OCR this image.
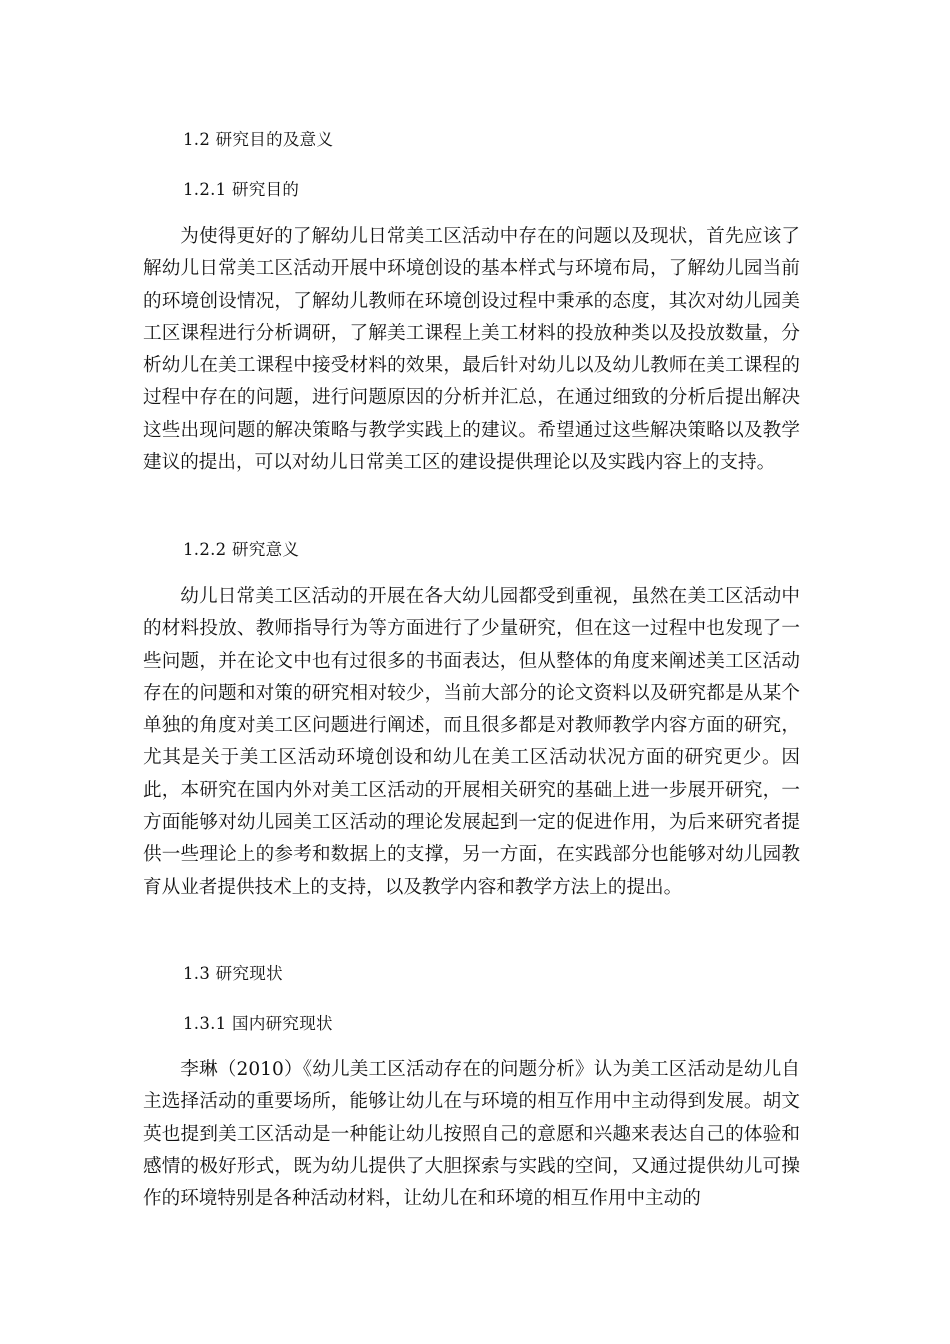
1.2 研究目的及意义
1.2.1 研究目的

为使得更好的了解幼儿日常美工区活动中存在的问题以及现状，首先应该了解幼儿日常美工区活动开展中环境创设的基本样式与环境布局，了解幼儿园当前的环境创设情况，了解幼儿教师在环境创设过程中秉承的态度，其次对幼儿园美工区课程进行分析调研，了解美工课程上美工材料的投放种类以及投放数量，分析幼儿在美工课程中接受材料的效果，最后针对幼儿以及幼儿教师在美工课程的过程中存在的问题，进行问题原因的分析并汇总，在通过细致的分析后提出解决这些出现问题的解决策略与教学实践上的建议。希望通过这些解决策略以及教学建议的提出，可以对幼儿日常美工区的建设提供理论以及实践内容上的支持。

1.2.2 研究意义

幼儿日常美工区活动的开展在各大幼儿园都受到重视，虽然在美工区活动中的材料投放、教师指导行为等方面进行了少量研究，但在这一过程中也发现了一些问题，并在论文中也有过很多的书面表达，但从整体的角度来阐述美工区活动存在的问题和对策的研究相对较少，当前大部分的论文资料以及研究都是从某个单独的角度对美工区问题进行阐述，而且很多都是对教师教学内容方面的研究，尤其是关于美工区活动环境创设和幼儿在美工区活动状况方面的研究更少。因此，本研究在国内外对美工区活动的开展相关研究的基础上进一步展开研究，一方面能够对幼儿园美工区活动的理论发展起到一定的促进作用，为后来研究者提供一些理论上的参考和数据上的支撑，另一方面，在实践部分也能够对幼儿园教育从业者提供技术上的支持，以及教学内容和教学方法上的提出。

1.3 研究现状
1.3.1 国内研究现状

李琳（2010）《幼儿美工区活动存在的问题分析》认为美工区活动是幼儿自主选择活动的重要场所，能够让幼儿在与环境的相互作用中主动得到发展。胡文英也提到美工区活动是一种能让幼儿按照自己的意愿和兴趣来表达自己的体验和感情的极好形式，既为幼儿提供了大胆探索与实践的空间，又通过提供幼儿可操作的环境特别是各种活动材料，让幼儿在和环境的相互作用中主动的
